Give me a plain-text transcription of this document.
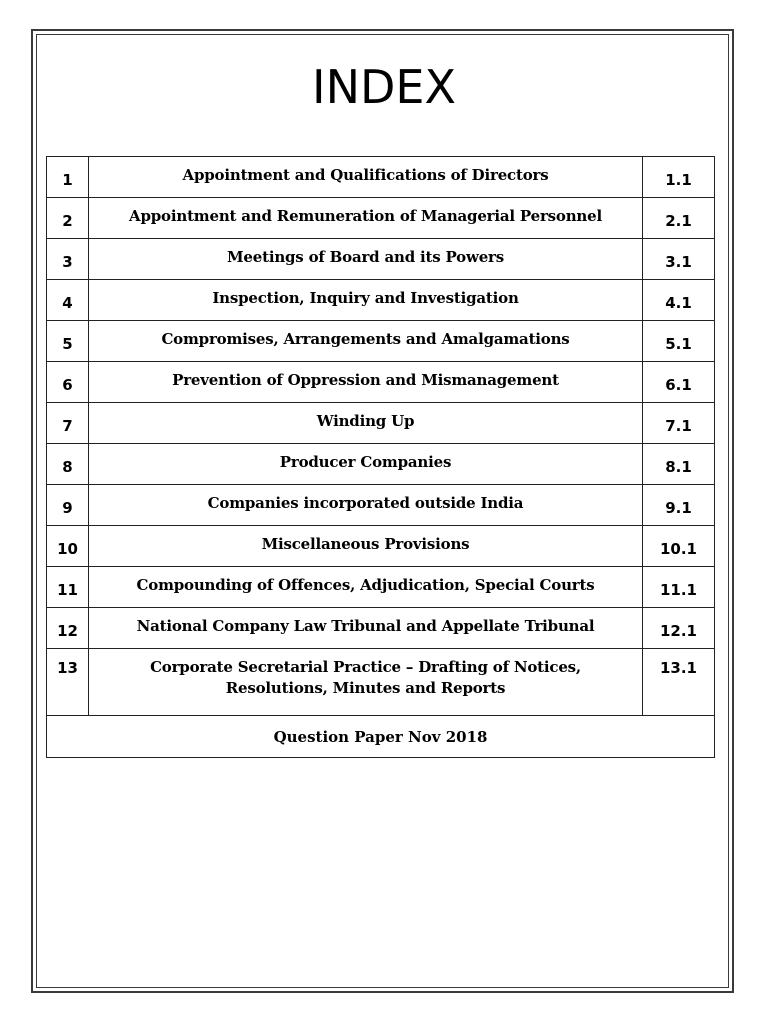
INDEX
1	Appointment and Qualifications of Directors	1.1
2	Appointment and Remuneration of Managerial Personnel	2.1
3	Meetings of Board and its Powers	3.1
4	Inspection, Inquiry and Investigation	4.1
5	Compromises, Arrangements and Amalgamations	5.1
6	Prevention of Oppression and Mismanagement	6.1
7	Winding Up	7.1
8	Producer Companies	8.1
9	Companies incorporated outside India	9.1
10	Miscellaneous Provisions	10.1
11	Compounding of Offences, Adjudication, Special Courts	11.1
12	National Company Law Tribunal and Appellate Tribunal	12.1
13	Corporate Secretarial Practice – Drafting of Notices,
Resolutions, Minutes and Reports	13.1
Question Paper Nov 2018		
